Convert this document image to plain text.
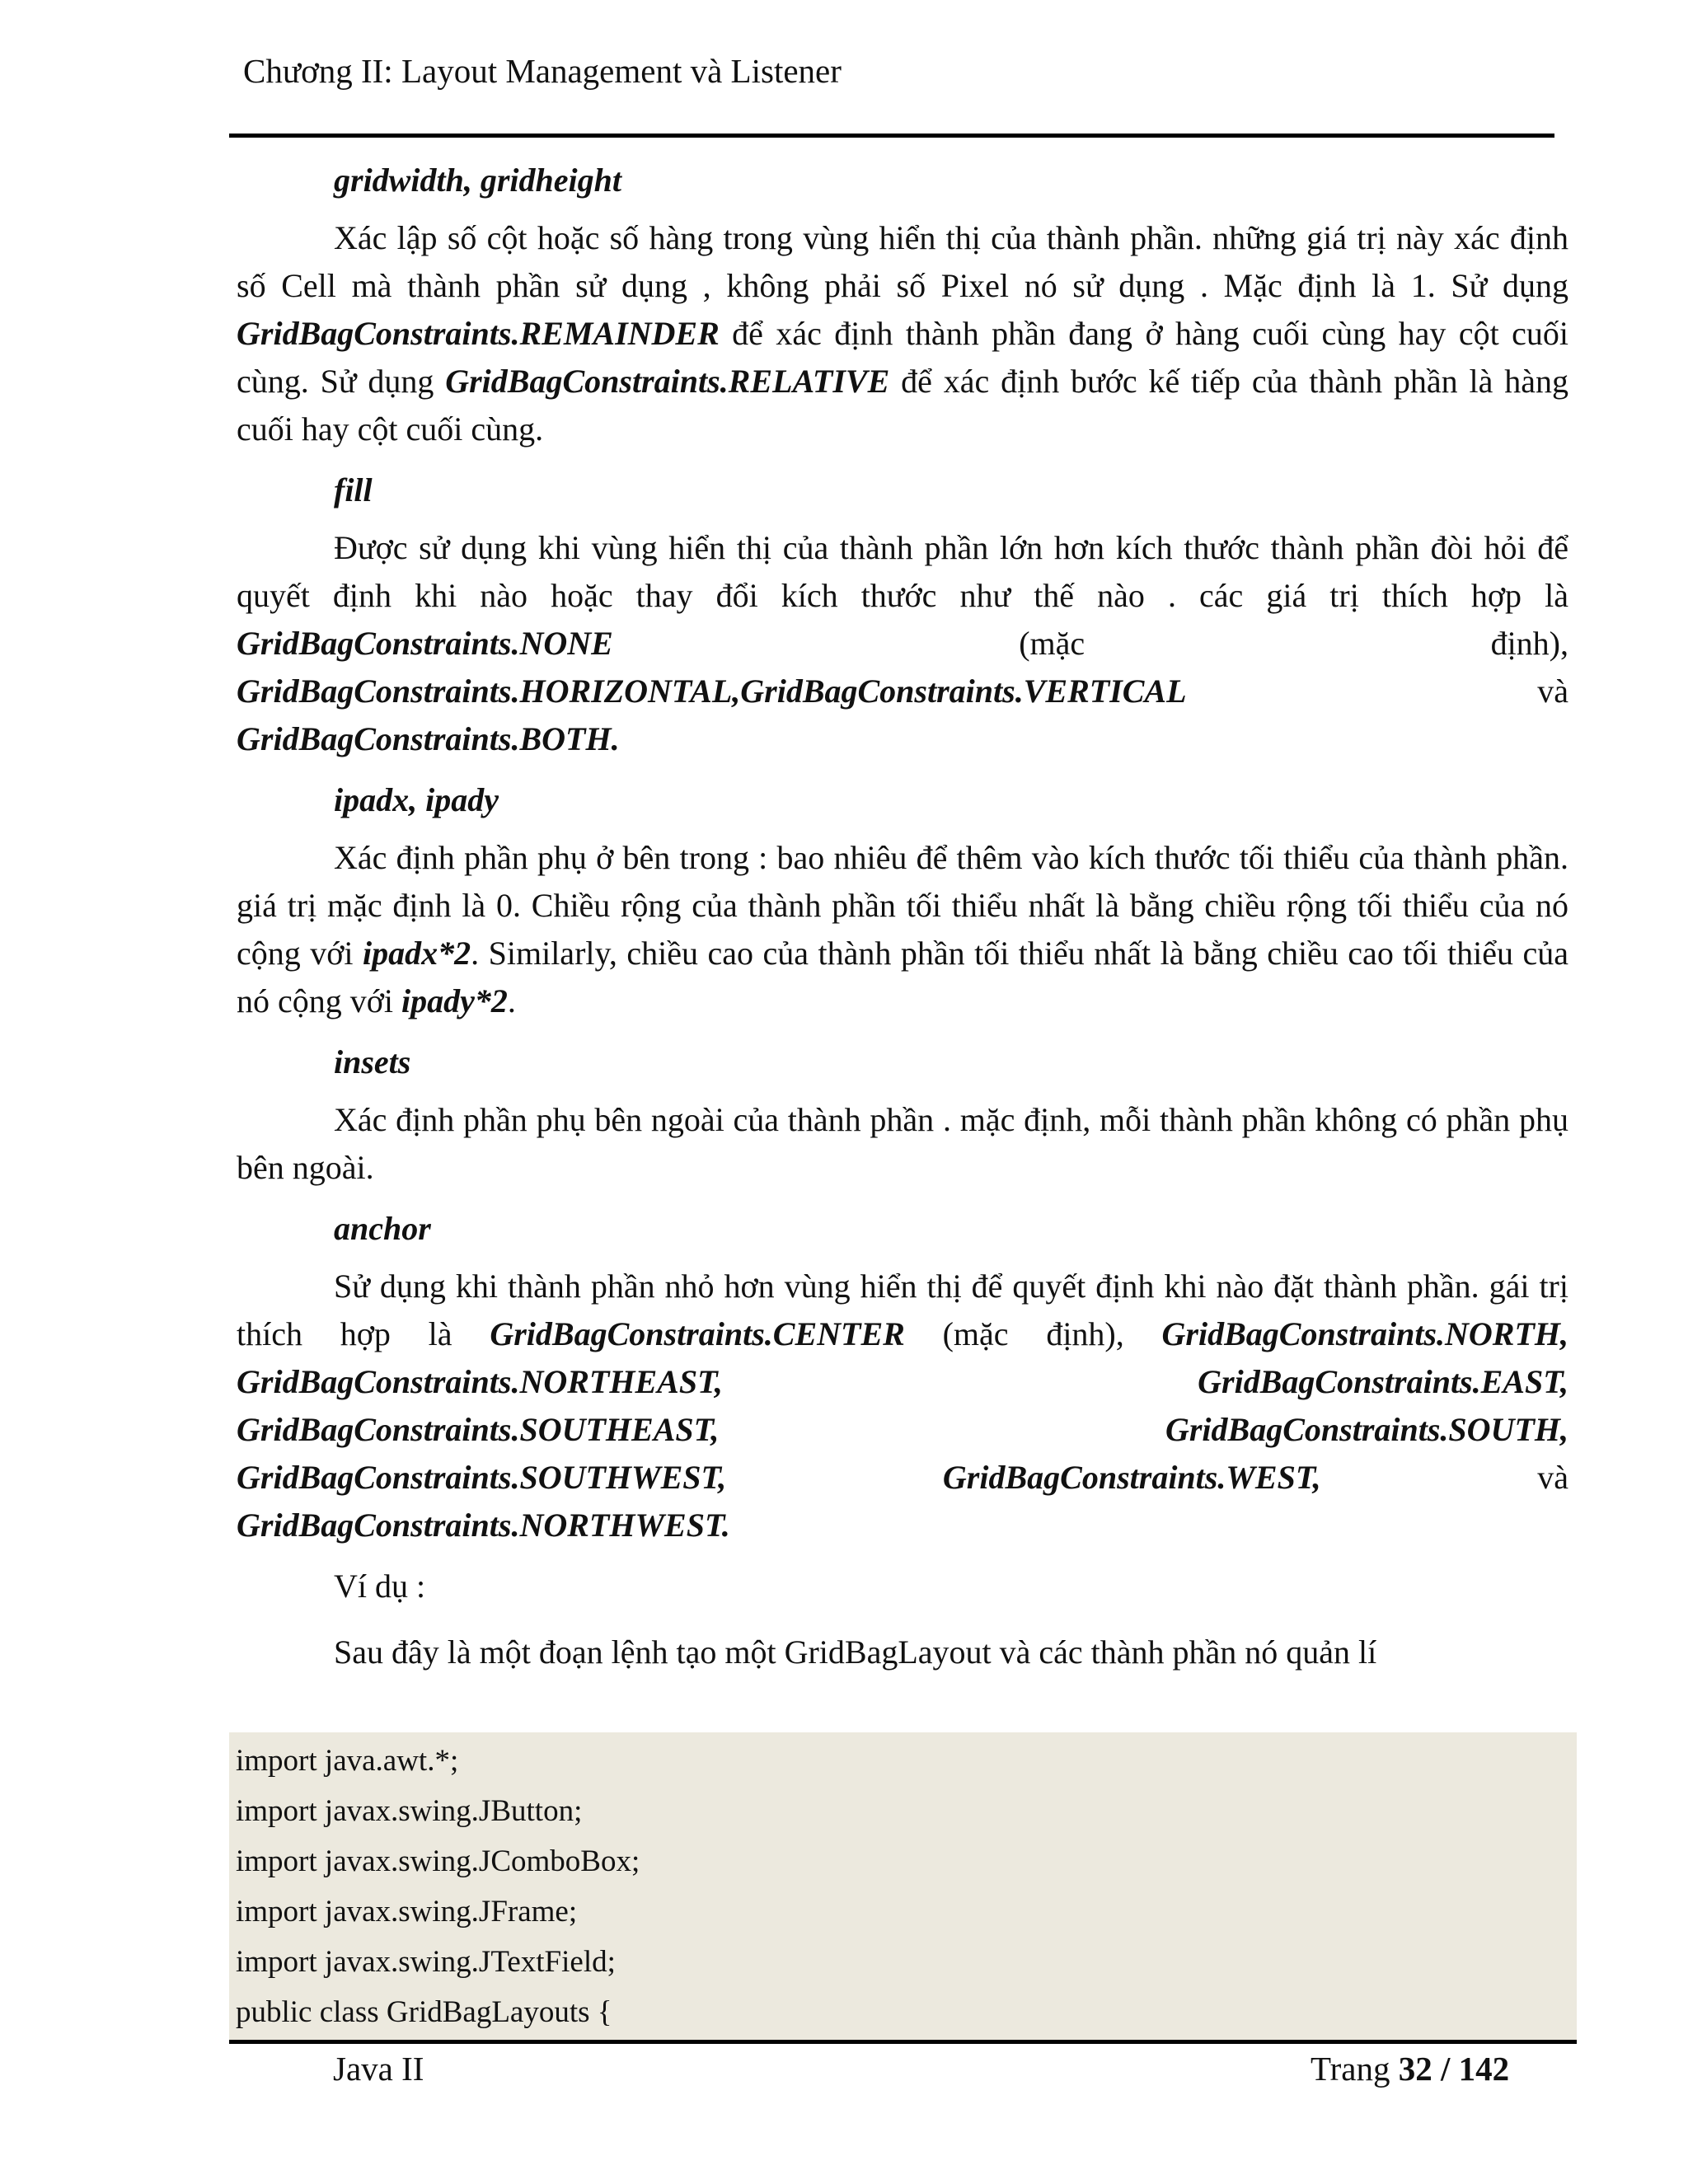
Chương II: Layout Management và Listener
gridwidth, gridheight

Xác lập số cột hoặc số hàng trong vùng hiển thị của thành phần. những giá trị này xác định số Cell mà thành phần sử dụng , không phải số Pixel nó sử dụng . Mặc định là 1. Sử dụng GridBagConstraints.REMAINDER để xác định thành phần đang ở hàng cuối cùng hay cột cuối cùng. Sử dụng GridBagConstraints.RELATIVE để xác định bước kế tiếp của thành phần là hàng cuối hay cột cuối cùng.

fill

Được sử dụng khi vùng hiển thị của thành phần lớn hơn kích thước thành phần đòi hỏi để quyết định khi nào hoặc thay đổi kích thước như thế nào . các giá trị thích hợp là GridBagConstraints.NONE (mặc định), GridBagConstraints.HORIZONTAL,GridBagConstraints.VERTICAL và GridBagConstraints.BOTH.

ipadx, ipady

Xác định phần phụ ở bên trong : bao nhiêu để thêm vào kích thước tối thiểu của thành phần. giá trị mặc định là 0. Chiều rộng của thành phần tối thiểu nhất là bằng chiều rộng tối thiểu của nó cộng với ipadx*2. Similarly, chiều cao của thành phần tối thiểu nhất là bằng chiều cao tối thiểu của nó cộng với ipady*2.

insets

Xác định phần phụ bên ngoài của thành phần . mặc định, mỗi thành phần không có phần phụ bên ngoài.

anchor

Sử dụng khi thành phần nhỏ hơn vùng hiển thị để quyết định khi nào đặt thành phần. gái trị thích hợp là GridBagConstraints.CENTER (mặc định), GridBagConstraints.NORTH, GridBagConstraints.NORTHEAST, GridBagConstraints.EAST, GridBagConstraints.SOUTHEAST, GridBagConstraints.SOUTH, GridBagConstraints.SOUTHWEST, GridBagConstraints.WEST, và GridBagConstraints.NORTHWEST.

Ví dụ :
Sau đây là một đoạn lệnh tạo một GridBagLayout và các thành phần nó quản lí
import java.awt.*;
import javax.swing.JButton;
import javax.swing.JComboBox;
import javax.swing.JFrame;
import javax.swing.JTextField;
public class GridBagLayouts {
Java II	Trang 32 / 142
